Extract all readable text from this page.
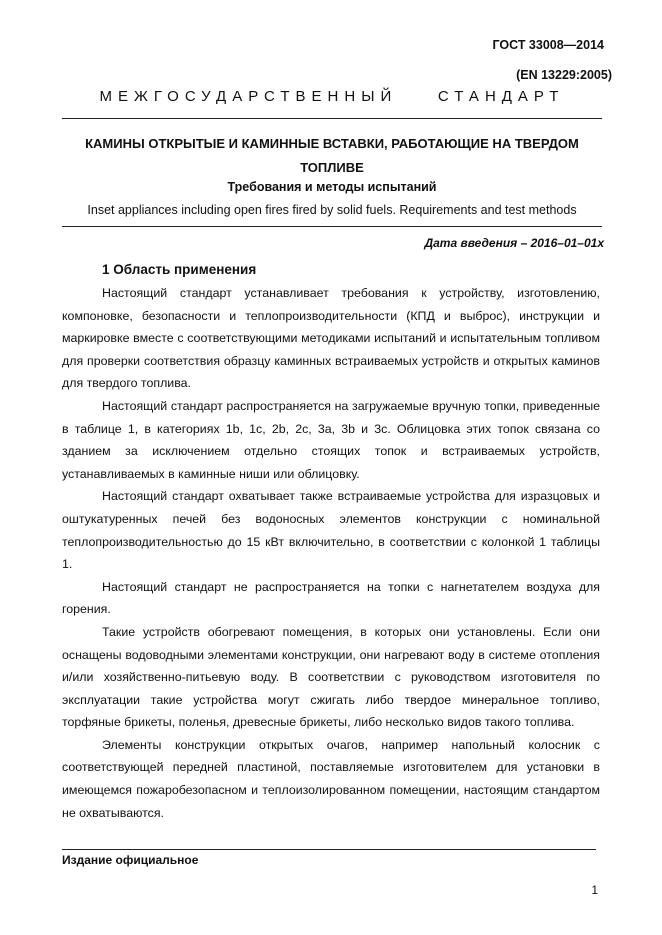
ГОСТ 33008—2014
(EN 13229:2005)
МЕЖГОСУДАРСТВЕННЫЙ    СТАНДАРТ
КАМИНЫ ОТКРЫТЫЕ И КАМИННЫЕ ВСТАВКИ, РАБОТАЮЩИЕ НА ТВЕРДОМ ТОПЛИВЕ
Требования и методы испытаний
Inset appliances including open fires fired by solid fuels. Requirements and test methods
Дата введения – 2016–01–01х
1 Область применения

Настоящий стандарт устанавливает требования к устройству, изготовлению, компоновке, безопасности и теплопроизводительности (КПД и выброс), инструкции и маркировке вместе с соответствующими методиками испытаний и испытательным топливом для проверки соответствия образцу каминных встраиваемых устройств и открытых каминов для твердого топлива.

Настоящий стандарт распространяется на загружаемые вручную топки, приведенные в таблице 1, в категориях 1b, 1c, 2b, 2c, 3a, 3b и 3c. Облицовка этих топок связана со зданием за исключением отдельно стоящих топок и встраиваемых устройств, устанавливаемых в каминные ниши или облицовку.

Настоящий стандарт охватывает также встраиваемые устройства для изразцовых и оштукатуренных печей без водоносных элементов конструкции с номинальной теплопроизводительностью до 15 кВт включительно, в соответствии с колонкой 1 таблицы 1.

Настоящий стандарт не распространяется на топки с нагнетателем воздуха для горения.

Такие устройств обогревают помещения, в которых они установлены. Если они оснащены водоводными элементами конструкции, они нагревают воду в системе отопления и/или хозяйственно-питьевую воду. В соответствии с руководством изготовителя по эксплуатации такие устройства могут сжигать либо твердое минеральное топливо, торфяные брикеты, поленья, древесные брикеты, либо несколько видов такого топлива.

Элементы конструкции открытых очагов, например напольный колосник с соответствующей передней пластиной, поставляемые изготовителем для установки в имеющемся пожаробезопасном и теплоизолированном помещении, настоящим стандартом не охватываются.

Издание официальное
1
